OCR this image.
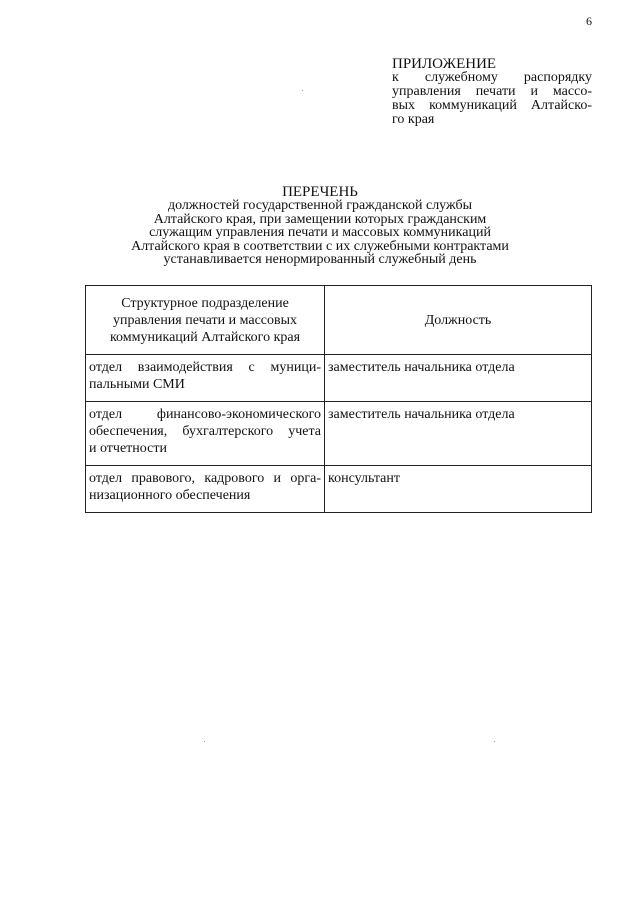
6
ПРИЛОЖЕНИЕ
к служебному распорядку
управления печати и массо-
вых коммуникаций Алтайско-
го края
ПЕРЕЧЕНЬ
должностей государственной гражданской службы
Алтайского края, при замещении которых гражданским
служащим управления печати и массовых коммуникаций
Алтайского края в соответствии с их служебными контрактами
устанавливается ненормированный служебный день
Структурное подразделение
управления печати и массовых
коммуникаций Алтайского края	Должность

отдел взаимодействия с муници-
пальными СМИ	заместитель начальника отдела

отдел финансово-экономического
обеспечения, бухгалтерского учета
и отчетности	заместитель начальника отдела

отдел правового, кадрового и орга-
низационного обеспечения	консультант
